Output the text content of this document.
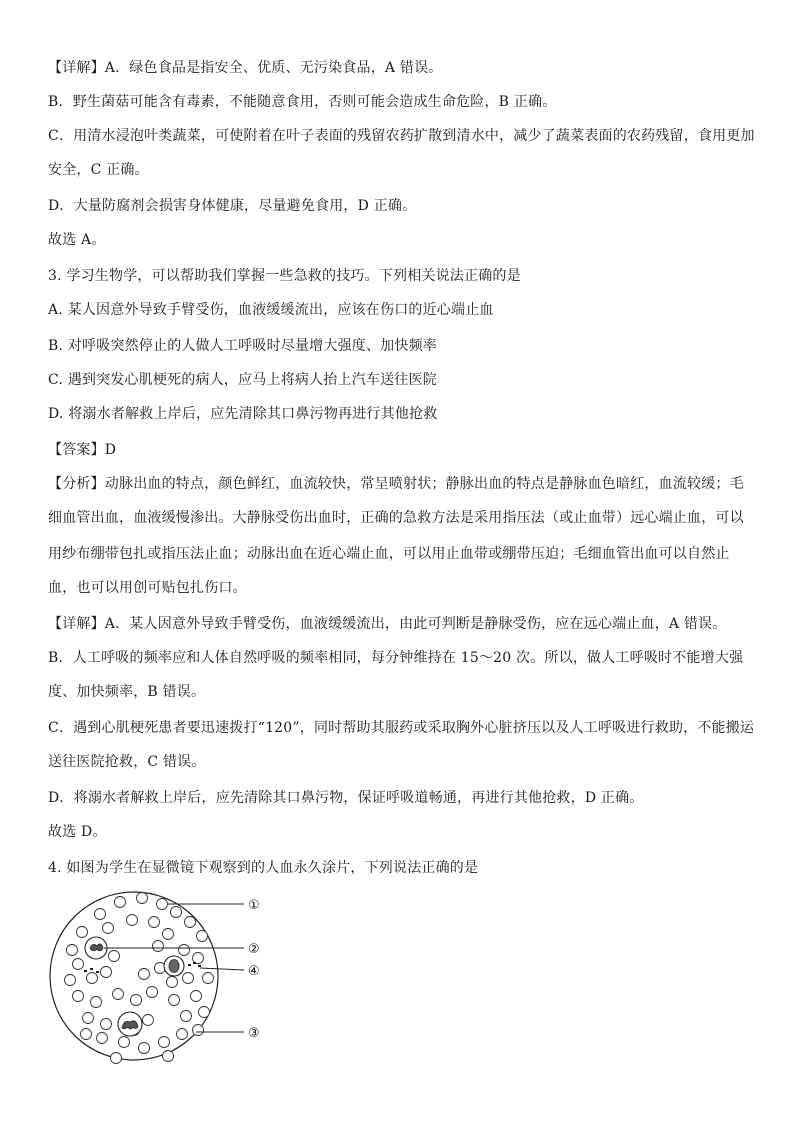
【详解】A．绿色食品是指安全、优质、无污染食品，A 错误。
B．野生菌菇可能含有毒素，不能随意食用，否则可能会造成生命危险，B 正确。
C．用清水浸泡叶类蔬菜，可使附着在叶子表面的残留农药扩散到清水中，减少了蔬菜表面的农药残留，食用更加
安全，C 正确。
D．大量防腐剂会损害身体健康，尽量避免食用，D 正确。
故选 A。
3. 学习生物学，可以帮助我们掌握一些急救的技巧。下列相关说法正确的是
A. 某人因意外导致手臂受伤，血液缓缓流出，应该在伤口的近心端止血
B. 对呼吸突然停止的人做人工呼吸时尽量增大强度、加快频率
C. 遇到突发心肌梗死的病人，应马上将病人抬上汽车送往医院
D. 将溺水者解救上岸后，应先清除其口鼻污物再进行其他抢救
【答案】D
【分析】动脉出血的特点，颜色鲜红，血流较快，常呈喷射状；静脉出血的特点是静脉血色暗红，血流较缓；毛
细血管出血，血液缓慢渗出。大静脉受伤出血时，正确的急救方法是采用指压法（或止血带）远心端止血，可以
用纱布绷带包扎或指压法止血；动脉出血在近心端止血，可以用止血带或绷带压迫；毛细血管出血可以自然止
血，也可以用创可贴包扎伤口。
【详解】A．某人因意外导致手臂受伤，血液缓缓流出，由此可判断是静脉受伤，应在远心端止血，A 错误。
B．人工呼吸的频率应和人体自然呼吸的频率相同，每分钟维持在 15～20 次。所以，做人工呼吸时不能增大强
度、加快频率，B 错误。
C．遇到心肌梗死患者要迅速拨打“120”，同时帮助其服药或采取胸外心脏挤压以及人工呼吸进行救助，不能搬运
送往医院抢救，C 错误。
D．将溺水者解救上岸后，应先清除其口鼻污物，保证呼吸道畅通，再进行其他抢救，D 正确。
故选 D。
4. 如图为学生在显微镜下观察到的人血永久涂片，下列说法正确的是
①
②
④
③
